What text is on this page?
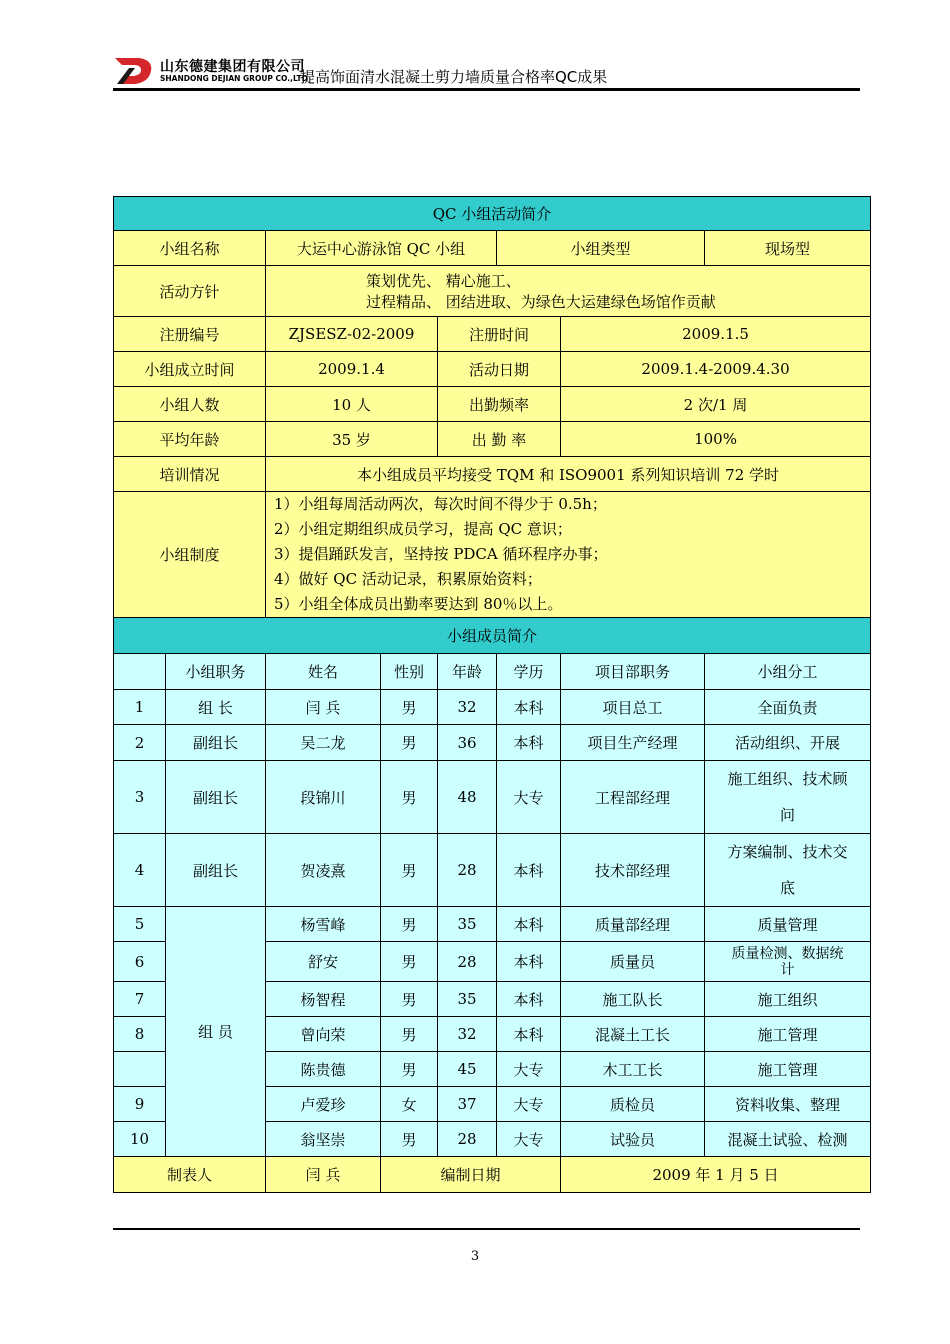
山东德建集团有限公司
SHANDONG DEJIAN GROUP CO.,LTD
提高饰面清水混凝土剪力墙质量合格率QC成果
QC 小组活动简介							
小组名称		大运中心游泳馆 QC 小组			小组类型		现场型
活动方针		策划优先、 精心施工、
过程精品、 团结进取、为绿色大运建绿色场馆作贡献					

注册编号		ZJSESZ-02-2009		注册时间		2009.1.5	
小组成立时间		2009.1.4		活动日期		2009.1.4-2009.4.30	
小组人数		10 人		出勤频率		2 次/1 周	
平均年龄		35 岁		出 勤 率		100%	
培训情况		本小组成员平均接受 TQM 和 ISO9001 系列知识培训 72 学时					
小组制度		1）小组每周活动两次，每次时间不得少于 0.5h；
2）小组定期组织成员学习，提高 QC 意识；
3）提倡踊跃发言，坚持按 PDCA 循环程序办事；
4）做好 QC 活动记录，积累原始资料；
5）小组全体成员出勤率要达到 80％以上。					

小组成员简介							
	小组职务	姓名	性别	年龄	学历	项目部职务	小组分工
1	组 长	闫 兵	男	32	本科	项目总工	全面负责
2	副组长	吴二龙	男	36	本科	项目生产经理	活动组织、开展
3	副组长	段锦川	男	48	大专	工程部经理	施工组织、技术顾
问

4	副组长	贺凌熹	男	28	本科	技术部经理	方案编制、技术交
底

5	组 员	杨雪峰	男	35	本科	质量部经理	质量管理
6		舒安	男	28	本科	质量员	质量检测、数据统
计

7		杨智程	男	35	本科	施工队长	施工组织
8		曾向荣	男	32	本科	混凝土工长	施工管理
		陈贵德	男	45	大专	木工工长	施工管理
9		卢爱珍	女	37	大专	质检员	资料收集、整理
10		翁坚崇	男	28	大专	试验员	混凝土试验、检测
制表人		闫 兵	编制日期			2009 年 1 月 5 日	
3
